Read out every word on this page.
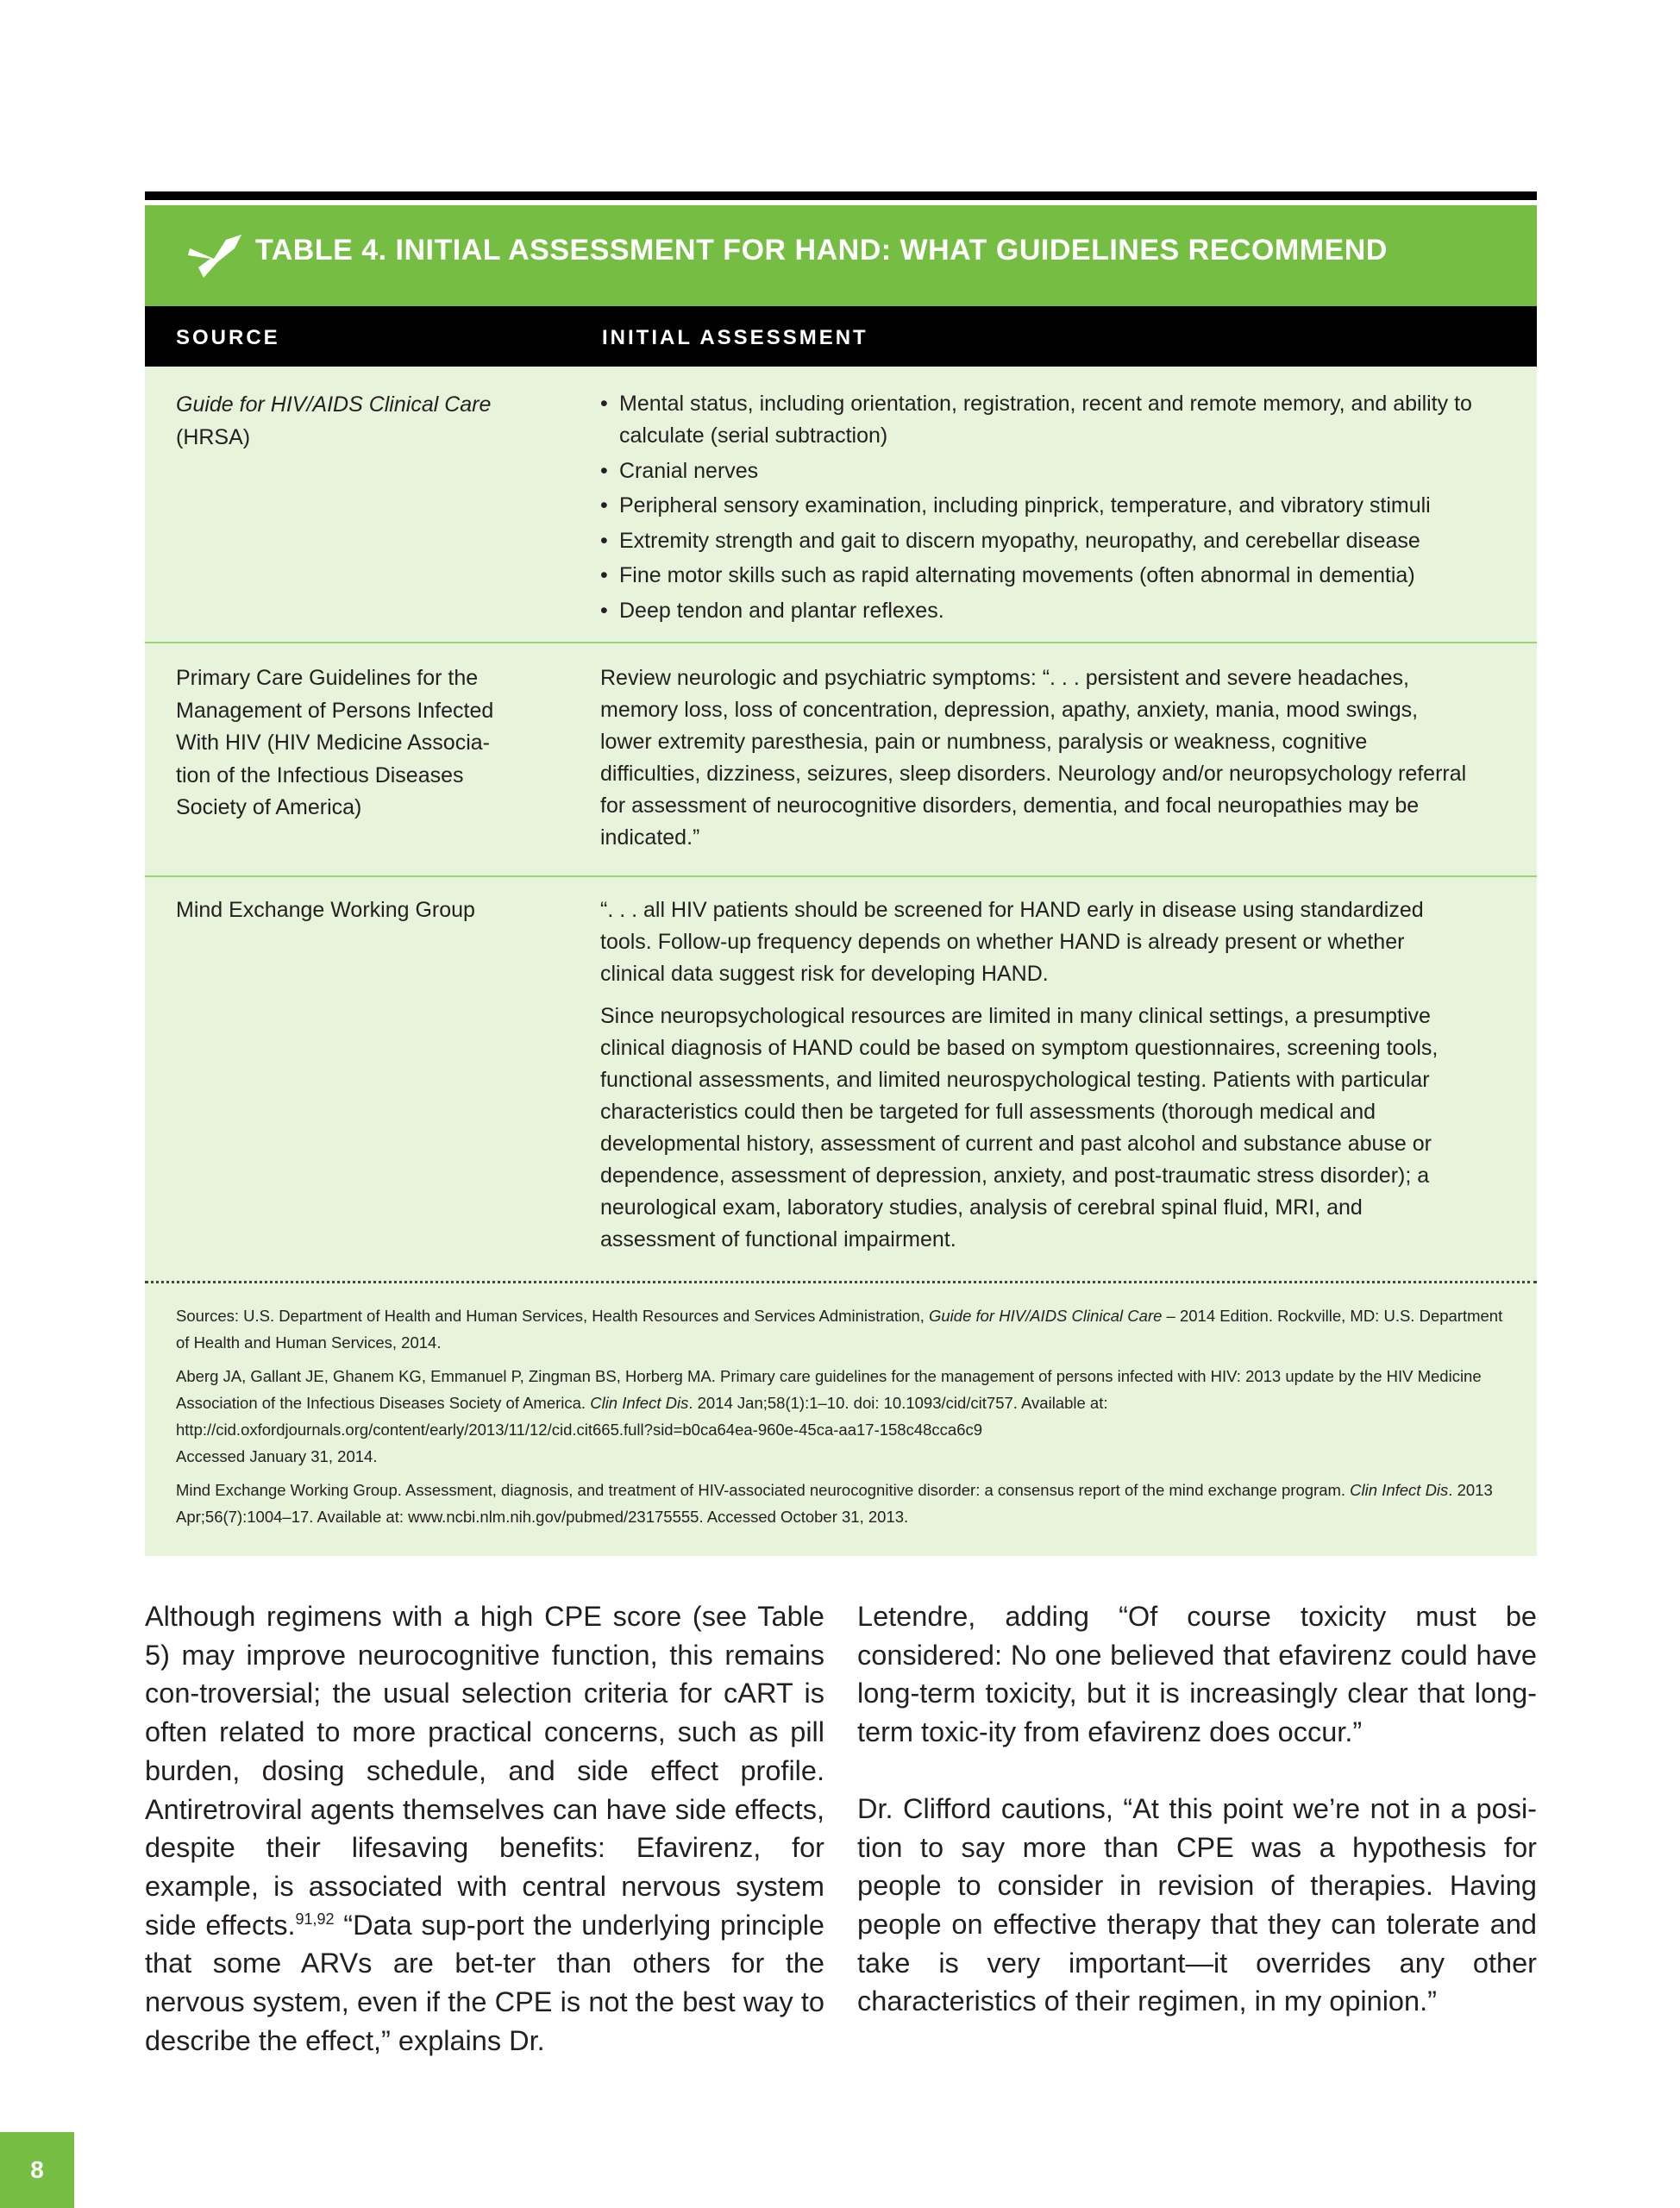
TABLE 4. INITIAL ASSESSMENT FOR HAND: WHAT GUIDELINES RECOMMEND
SOURCE	INITIAL ASSESSMENT
Guide for HIV/AIDS Clinical Care (HRSA)
• Mental status, including orientation, registration, recent and remote memory, and ability to calculate (serial subtraction)
• Cranial nerves
• Peripheral sensory examination, including pinprick, temperature, and vibratory stimuli
• Extremity strength and gait to discern myopathy, neuropathy, and cerebellar disease
• Fine motor skills such as rapid alternating movements (often abnormal in dementia)
• Deep tendon and plantar reflexes.
Primary Care Guidelines for the Management of Persons Infected With HIV (HIV Medicine Associa-tion of the Infectious Diseases Society of America)
Review neurologic and psychiatric symptoms: “. . . persistent and severe headaches, memory loss, loss of concentration, depression, apathy, anxiety, mania, mood swings, lower extremity paresthesia, pain or numbness, paralysis or weakness, cognitive difficulties, dizziness, seizures, sleep disorders. Neurology and/or neuropsychology referral for assessment of neurocognitive disorders, dementia, and focal neuropathies may be indicated.”
Mind Exchange Working Group	“. . . all HIV patients should be screened for HAND early in disease using standardized tools. Follow-up frequency depends on whether HAND is already present or whether clinical data suggest risk for developing HAND.

Since neuropsychological resources are limited in many clinical settings, a presumptive clinical diagnosis of HAND could be based on symptom questionnaires, screening tools, functional assessments, and limited neurospychological testing. Patients with particular characteristics could then be targeted for full assessments (thorough medical and developmental history, assessment of current and past alcohol and substance abuse or dependence, assessment of depression, anxiety, and post-traumatic stress disorder); a neurological exam, laboratory studies, analysis of cerebral spinal fluid, MRI, and assessment of functional impairment.

Sources: U.S. Department of Health and Human Services, Health Resources and Services Administration, Guide for HIV/AIDS Clinical Care – 2014 Edition. Rockville, MD: U.S. Department of Health and Human Services, 2014.

Aberg JA, Gallant JE, Ghanem KG, Emmanuel P, Zingman BS, Horberg MA. Primary care guidelines for the management of persons infected with HIV: 2013 update by the HIV Medicine Association of the Infectious Diseases Society of America. Clin Infect Dis. 2014 Jan;58(1):1–10. doi: 10.1093/cid/cit757. Available at: http://cid.oxfordjournals.org/content/early/2013/11/12/cid.cit665.full?sid=b0ca64ea-960e-45ca-aa17-158c48cca6c9

Accessed January 31, 2014.

Mind Exchange Working Group. Assessment, diagnosis, and treatment of HIV-associated neurocognitive disorder: a consensus report of the mind exchange program. Clin Infect Dis. 2013 Apr;56(7):1004–17. Available at: www.ncbi.nlm.nih.gov/pubmed/23175555. Accessed October 31, 2013.

Although regimens with a high CPE score (see Table 5) may improve neurocognitive function, this remains con-troversial; the usual selection criteria for cART is often related to more practical concerns, such as pill burden, dosing schedule, and side effect profile. Antiretroviral agents themselves can have side effects, despite their lifesaving benefits: Efavirenz, for example, is associated with central nervous system side effects.$^{91,92}$ “Data sup-port the underlying principle that some ARVs are bet-ter than others for the nervous system, even if the CPE is not the best way to describe the effect,” explains Dr.

Letendre, adding “Of course toxicity must be considered: No one believed that efavirenz could have long-term toxicity, but it is increasingly clear that long-term toxic-ity from efavirenz does occur.”

Dr. Clifford cautions, “At this point we’re not in a posi-tion to say more than CPE was a hypothesis for people to consider in revision of therapies. Having people on effective therapy that they can tolerate and take is very important—it overrides any other characteristics of their regimen, in my opinion.”

8
